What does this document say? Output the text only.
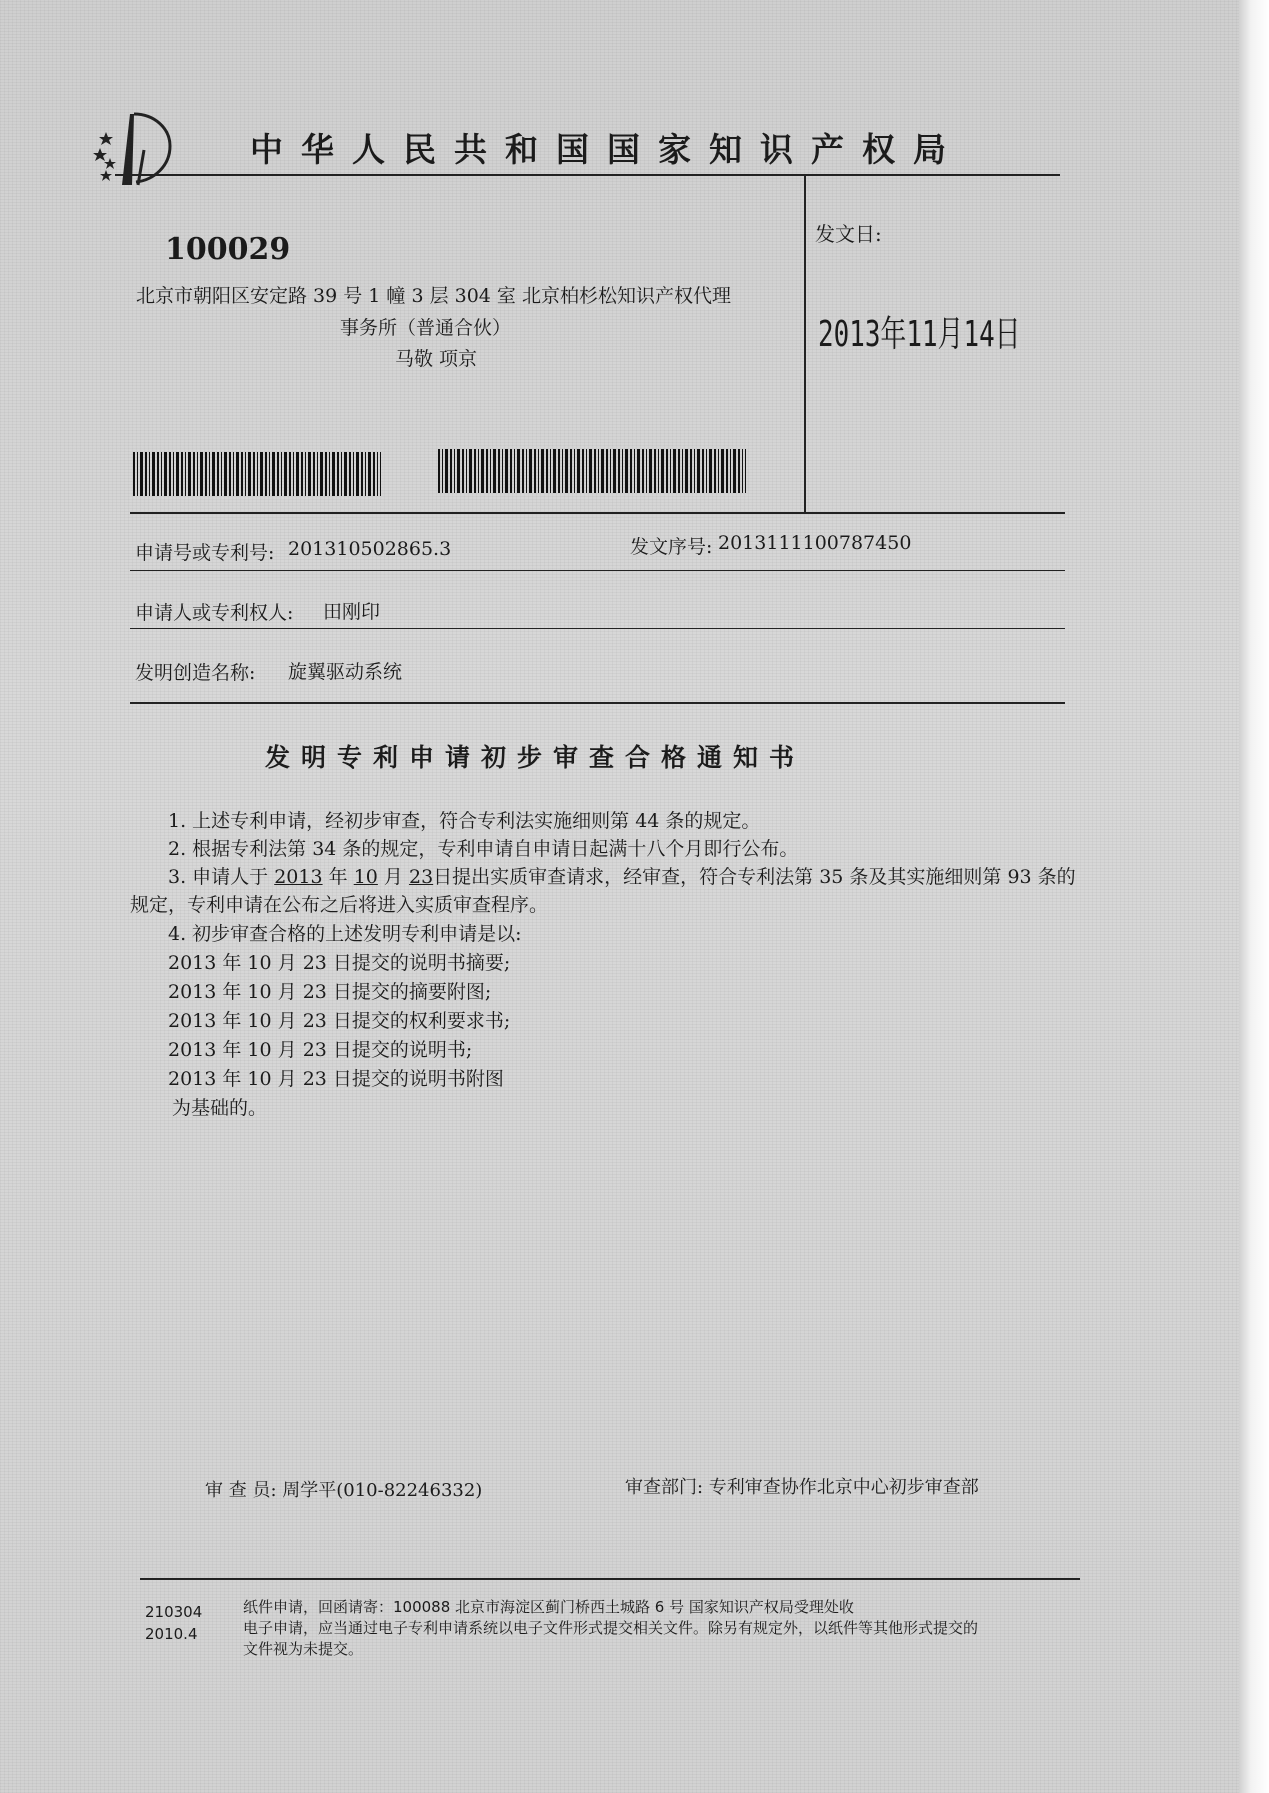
中华人民共和国国家知识产权局
100029
北京市朝阳区安定路 39 号 1 幢 3 层 304 室 北京柏杉松知识产权代理
事务所（普通合伙）
马敬 项京
发文日:
2013年11月14日
申请号或专利号: 201310502865.3	发文序号: 2013111100787450
申请人或专利权人: 田刚印
发明创造名称: 旋翼驱动系统
发明专利申请初步审查合格通知书
1. 上述专利申请，经初步审查，符合专利法实施细则第 44 条的规定。
2. 根据专利法第 34 条的规定，专利申请自申请日起满十八个月即行公布。
3. 申请人于 2013 年 10 月 23日提出实质审查请求，经审查，符合专利法第 35 条及其实施细则第 93 条的
规定，专利申请在公布之后将进入实质审查程序。
4. 初步审查合格的上述发明专利申请是以:
2013 年 10 月 23 日提交的说明书摘要;
2013 年 10 月 23 日提交的摘要附图;
2013 年 10 月 23 日提交的权利要求书;
2013 年 10 月 23 日提交的说明书;
2013 年 10 月 23 日提交的说明书附图
为基础的。
审 查 员: 周学平(010-82246332)	审查部门: 专利审查协作北京中心初步审查部
210304
2010.4
纸件申请，回函请寄：100088 北京市海淀区蓟门桥西土城路 6 号 国家知识产权局受理处收
电子申请，应当通过电子专利申请系统以电子文件形式提交相关文件。除另有规定外，以纸件等其他形式提交的
文件视为未提交。
